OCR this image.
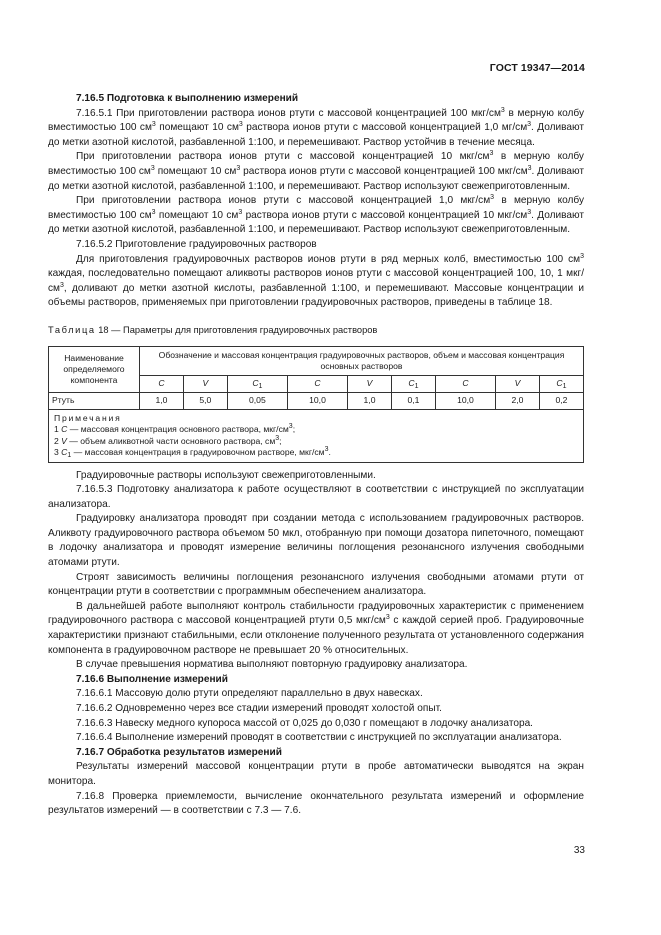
ГОСТ 19347—2014

7.16.5 Подготовка к выполнению измерений

7.16.5.1 При приготовлении раствора ионов ртути с массовой концентрацией 100 мкг/$см^3$ в мерную колбу вместимостью 100 $см^3$ помещают 10 $см^3$ раствора ионов ртути с массовой концентрацией 1,0 $мг/см^3$. Доливают до метки азотной кислотой, разбавленной 1:100, и перемешивают. Раствор устойчив в течение месяца.

При приготовлении раствора ионов ртути с массовой концентрацией 10 мкг/$см^3$ в мерную колбу вместимостью 100 $см^3$ помещают 10 $см^3$ раствора ионов ртути с массовой концентрацией 100 мкг/$см^3$. Доливают до метки азотной кислотой, разбавленной 1:100, и перемешивают. Раствор используют свежеприготовленным.

При приготовлении раствора ионов ртути с массовой концентрацией 1,0 мкг/$см^3$ в мерную колбу вместимостью 100 $см^3$ помещают 10 $см^3$ раствора ионов ртути с массовой концентрацией 10 мкг/$см^3$. Доливают до метки азотной кислотой, разбавленной 1:100, и перемешивают. Раствор используют свежеприготовленным.

7.16.5.2 Приготовление градуировочных растворов

Для приготовления градуировочных растворов ионов ртути в ряд мерных колб, вместимостью 100 $см^3$ каждая, последовательно помещают аликвоты растворов ионов ртути с массовой концентрацией 100, 10, 1 мкг/$см^3$, доливают до метки азотной кислоты, разбавленной 1:100, и перемешивают. Массовые концентрации и объемы растворов, применяемых при приготовлении градуировочных растворов, приведены в таблице 18.

Таблица 18 — Параметры для приготовления градуировочных растворов

Наименование определяемого компонента	Обозначение и массовая концентрация градуировочных растворов, объем и массовая концентрация основных растворов								
	C	V	$C_1$	C	V	$C_1$	C	V	$C_1$
Ртуть	1,0	5,0	0,05	10,0	1,0	0,1	10,0	2,0	0,2
Примечания
1 C — массовая концентрация основного раствора, мкг/$см^3$;
2 V — объем аликвотной части основного раствора, $см^3$;
3 $C_1$ — массовая концентрация в градуировочном растворе, мкг/$см^3$.

Градуировочные растворы используют свежеприготовленными.

7.16.5.3 Подготовку анализатора к работе осуществляют в соответствии с инструкцией по эксплуатации анализатора.

Градуировку анализатора проводят при создании метода с использованием градуировочных растворов. Аликвоту градуировочного раствора объемом 50 мкл, отобранную при помощи дозатора пипеточного, помещают в лодочку анализатора и проводят измерение величины поглощения резонансного излучения свободными атомами ртути.

Строят зависимость величины поглощения резонансного излучения свободными атомами ртути от концентрации ртути в соответствии с программным обеспечением анализатора.

В дальнейшей работе выполняют контроль стабильности градуировочных характеристик с применением градуировочного раствора с массовой концентрацией ртути 0,5 мкг/$см^3$ с каждой серией проб. Градуировочные характеристики признают стабильными, если отклонение полученного результата от установленного содержания компонента в градуировочном растворе не превышает 20 % относительных.

В случае превышения норматива выполняют повторную градуировку анализатора.

7.16.6 Выполнение измерений

7.16.6.1 Массовую долю ртути определяют параллельно в двух навесках.

7.16.6.2 Одновременно через все стадии измерений проводят холостой опыт.

7.16.6.3 Навеску медного купороса массой от 0,025 до 0,030 г помещают в лодочку анализатора.

7.16.6.4 Выполнение измерений проводят в соответствии с инструкцией по эксплуатации анализатора.

7.16.7 Обработка результатов измерений

Результаты измерений массовой концентрации ртути в пробе автоматически выводятся на экран монитора.

7.16.8 Проверка приемлемости, вычисление окончательного результата измерений и оформление результатов измерений — в соответствии с 7.3 — 7.6.

33
